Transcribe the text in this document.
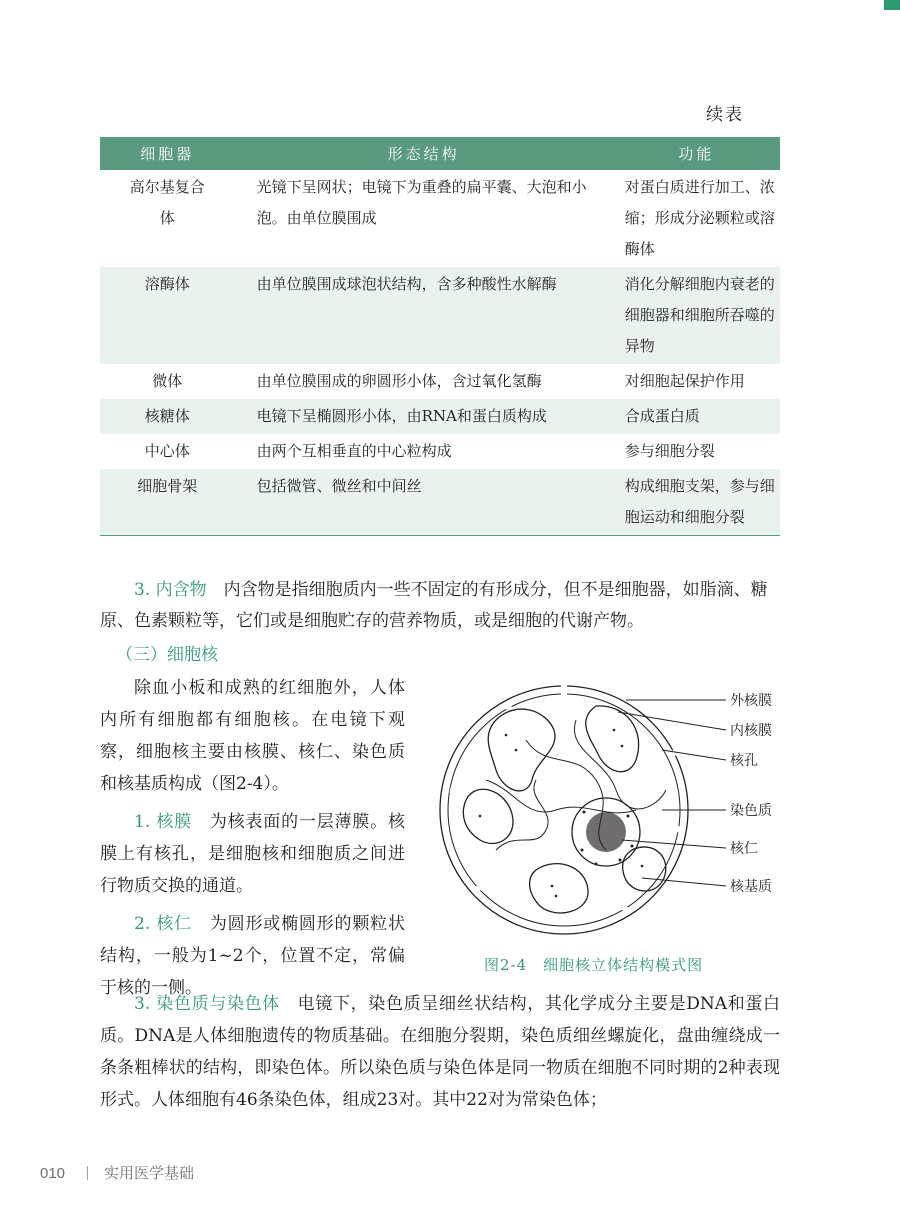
续表
细胞器	形态结构	功能
高尔基复合体	光镜下呈网状；电镜下为重叠的扁平囊、大泡和小泡。由单位膜围成	对蛋白质进行加工、浓缩；形成分泌颗粒或溶酶体
溶酶体	由单位膜围成球泡状结构，含多种酸性水解酶	消化分解细胞内衰老的细胞器和细胞所吞噬的异物
微体	由单位膜围成的卵圆形小体，含过氧化氢酶	对细胞起保护作用
核糖体	电镜下呈椭圆形小体，由RNA和蛋白质构成	合成蛋白质
中心体	由两个互相垂直的中心粒构成	参与细胞分裂
细胞骨架	包括微管、微丝和中间丝	构成细胞支架，参与细胞运动和细胞分裂
3. 内含物　 内含物是指细胞质内一些不固定的有形成分，但不是细胞器，如脂滴、糖原、色素颗粒等，它们或是细胞贮存的营养物质，或是细胞的代谢产物。
（三）细胞核

除血小板和成熟的红细胞外，人体内所有细胞都有细胞核。在电镜下观察，细胞核主要由核膜、核仁、染色质和核基质构成（图2-4）。

1. 核膜　 为核表面的一层薄膜。核膜上有核孔，是细胞核和细胞质之间进行物质交换的通道。

2. 核仁　 为圆形或椭圆形的颗粒状结构，一般为1~2个，位置不定，常偏于核的一侧。

3. 染色质与染色体　 电镜下，染色质呈细丝状结构，其化学成分主要是DNA和蛋白质。DNA是人体细胞遗传的物质基础。在细胞分裂期，染色质细丝螺旋化，盘曲缠绕成一条条粗棒状的结构，即染色体。所以染色质与染色体是同一物质在细胞不同时期的2种表现形式。人体细胞有46条染色体，组成23对。其中22对为常染色体；
外核膜
内核膜
核孔
染色质
核仁
核基质
图2-4　细胞核立体结构模式图
010	实用医学基础
